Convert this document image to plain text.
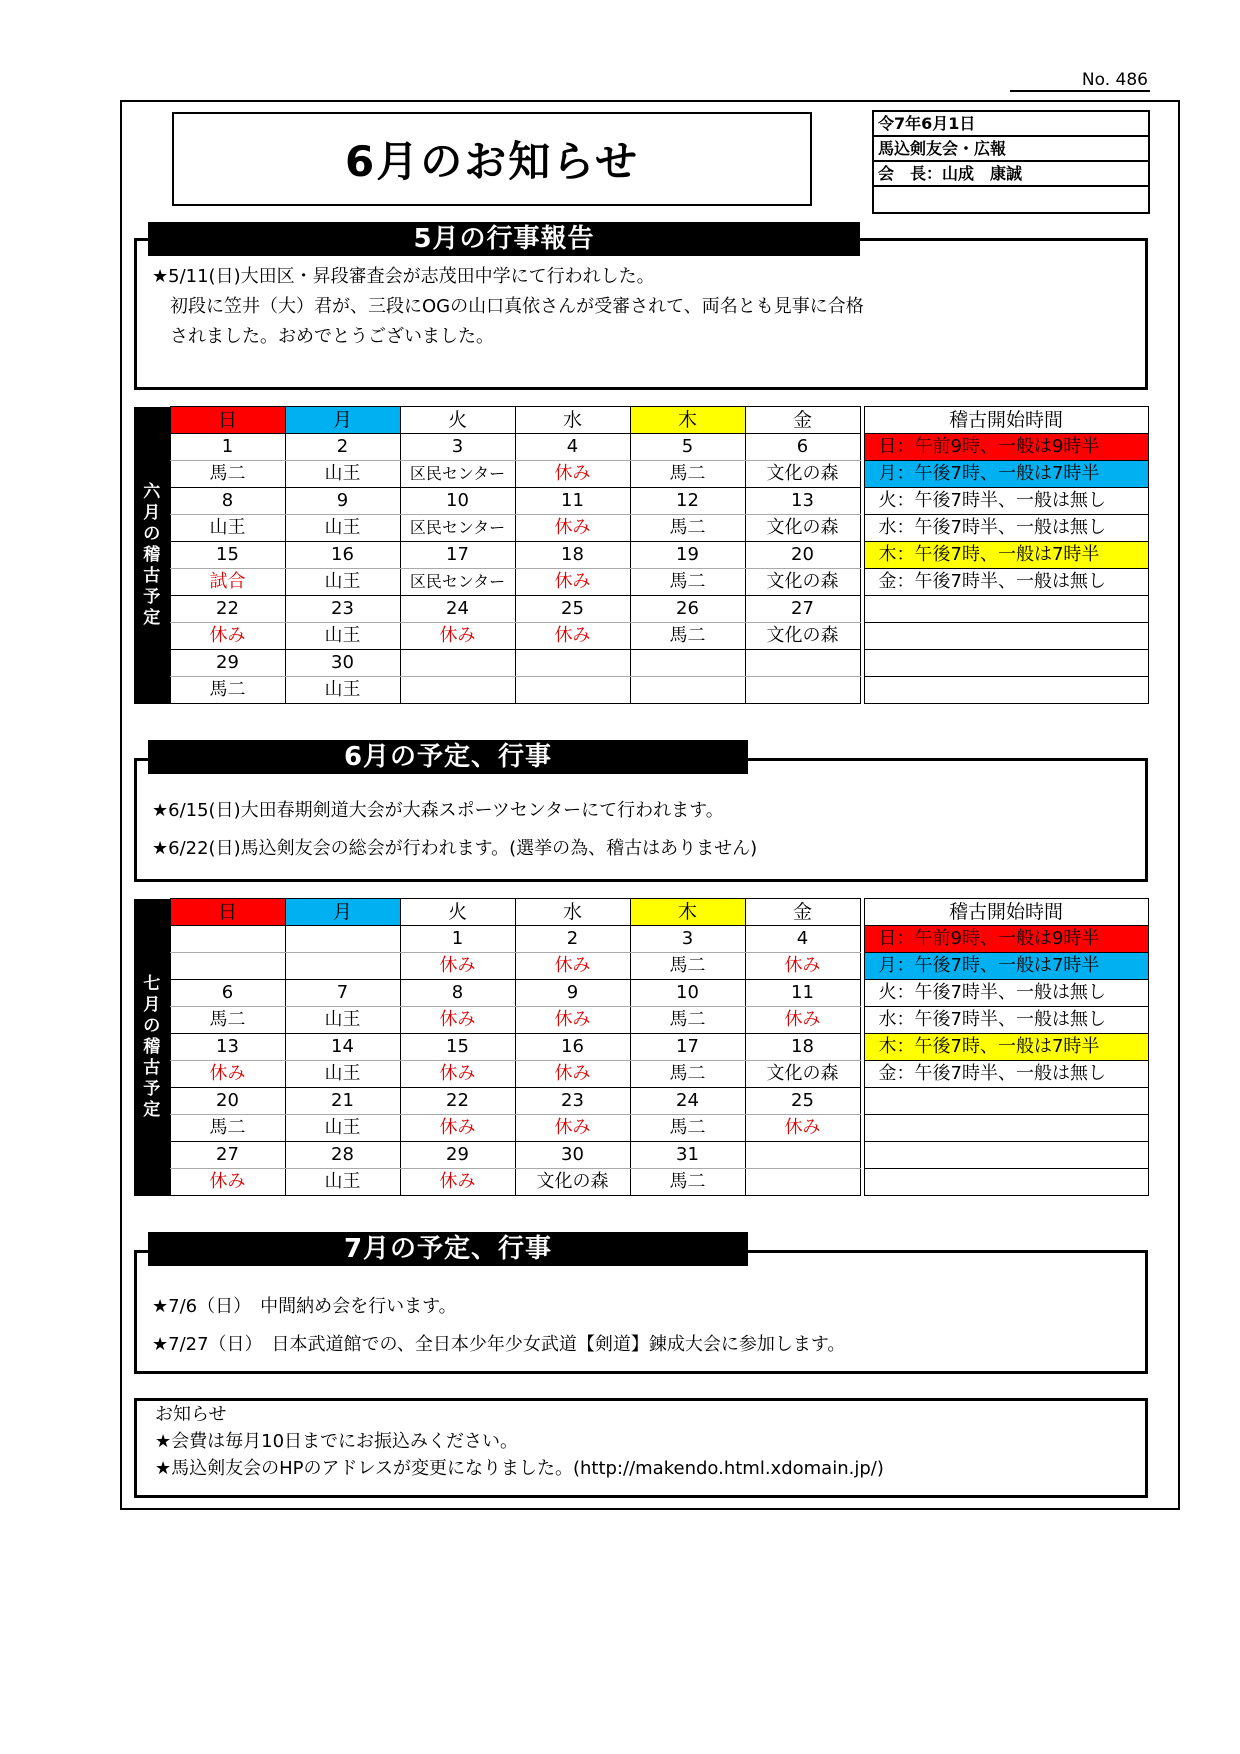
No. 486
6月のお知らせ
令7年6月1日
馬込剣友会・広報
会　長：山成　康誠
5月の行事報告
★5/11(日)大田区・昇段審査会が志茂田中学にて行われした。
　初段に笠井（大）君が、三段にOGの山口真依さんが受審されて、両名とも見事に合格
　されました。おめでとうございました。
六月の稽古予定	日	月	火	水	木	金		稽古開始時間
	1	2	3	4	5	6		日：午前9時、一般は9時半
	馬二	山王	区民センター	休み	馬二	文化の森		月：午後7時、一般は7時半
	8	9	10	11	12	13		火：午後7時半、一般は無し
	山王	山王	区民センター	休み	馬二	文化の森		水：午後7時半、一般は無し
	15	16	17	18	19	20		木：午後7時、一般は7時半
	試合	山王	区民センター	休み	馬二	文化の森		金：午後7時半、一般は無し
	22	23	24	25	26	27		
	休み	山王	休み	休み	馬二	文化の森		
	29	30						
	馬二	山王						
6月の予定、行事
★6/15(日)大田春期剣道大会が大森スポーツセンターにて行われます。
★6/22(日)馬込剣友会の総会が行われます。(選挙の為、稽古はありません)
七月の稽古予定	日	月	火	水	木	金		稽古開始時間
			1	2	3	4		日：午前9時、一般は9時半
			休み	休み	馬二	休み		月：午後7時、一般は7時半
	6	7	8	9	10	11		火：午後7時半、一般は無し
	馬二	山王	休み	休み	馬二	休み		水：午後7時半、一般は無し
	13	14	15	16	17	18		木：午後7時、一般は7時半
	休み	山王	休み	休み	馬二	文化の森		金：午後7時半、一般は無し
	20	21	22	23	24	25		
	馬二	山王	休み	休み	馬二	休み		
	27	28	29	30	31			
	休み	山王	休み	文化の森	馬二			
7月の予定、行事
★7/6（日）　中間納め会を行います。
★7/27（日）　日本武道館での、全日本少年少女武道【剣道】錬成大会に参加します。
お知らせ
★会費は毎月10日までにお振込みください。
★馬込剣友会のHPのアドレスが変更になりました。(http://makendo.html.xdomain.jp/)
